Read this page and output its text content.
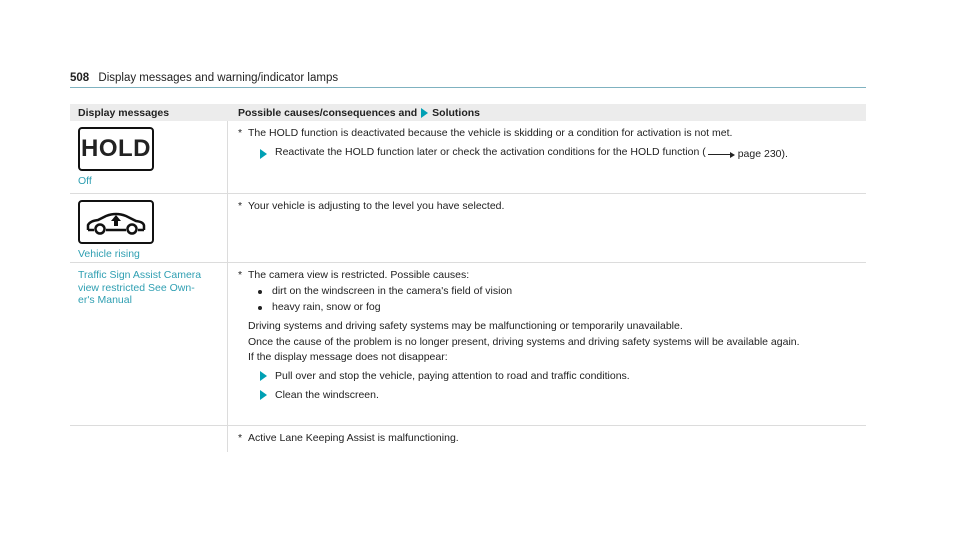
508 Display messages and warning/indicator lamps
Display messages	Possible causes/consequences and Solutions
HOLD
Off
* The HOLD function is deactivated because the vehicle is skidding or a condition for activation is not met.
Reactivate the HOLD function later or check the activation conditions for the HOLD function (	page 230).
Vehicle rising
* Your vehicle is adjusting to the level you have selected.
Traffic Sign Assist Camera view restricted See Own-er's Manual
* The camera view is restricted. Possible causes:
dirt on the windscreen in the camera's field of vision
heavy rain, snow or fog
Driving systems and driving safety systems may be malfunctioning or temporarily unavailable.
Once the cause of the problem is no longer present, driving systems and driving safety systems will be available again.
If the display message does not disappear:
Pull over and stop the vehicle, paying attention to road and traffic conditions.
Clean the windscreen.
* Active Lane Keeping Assist is malfunctioning.
